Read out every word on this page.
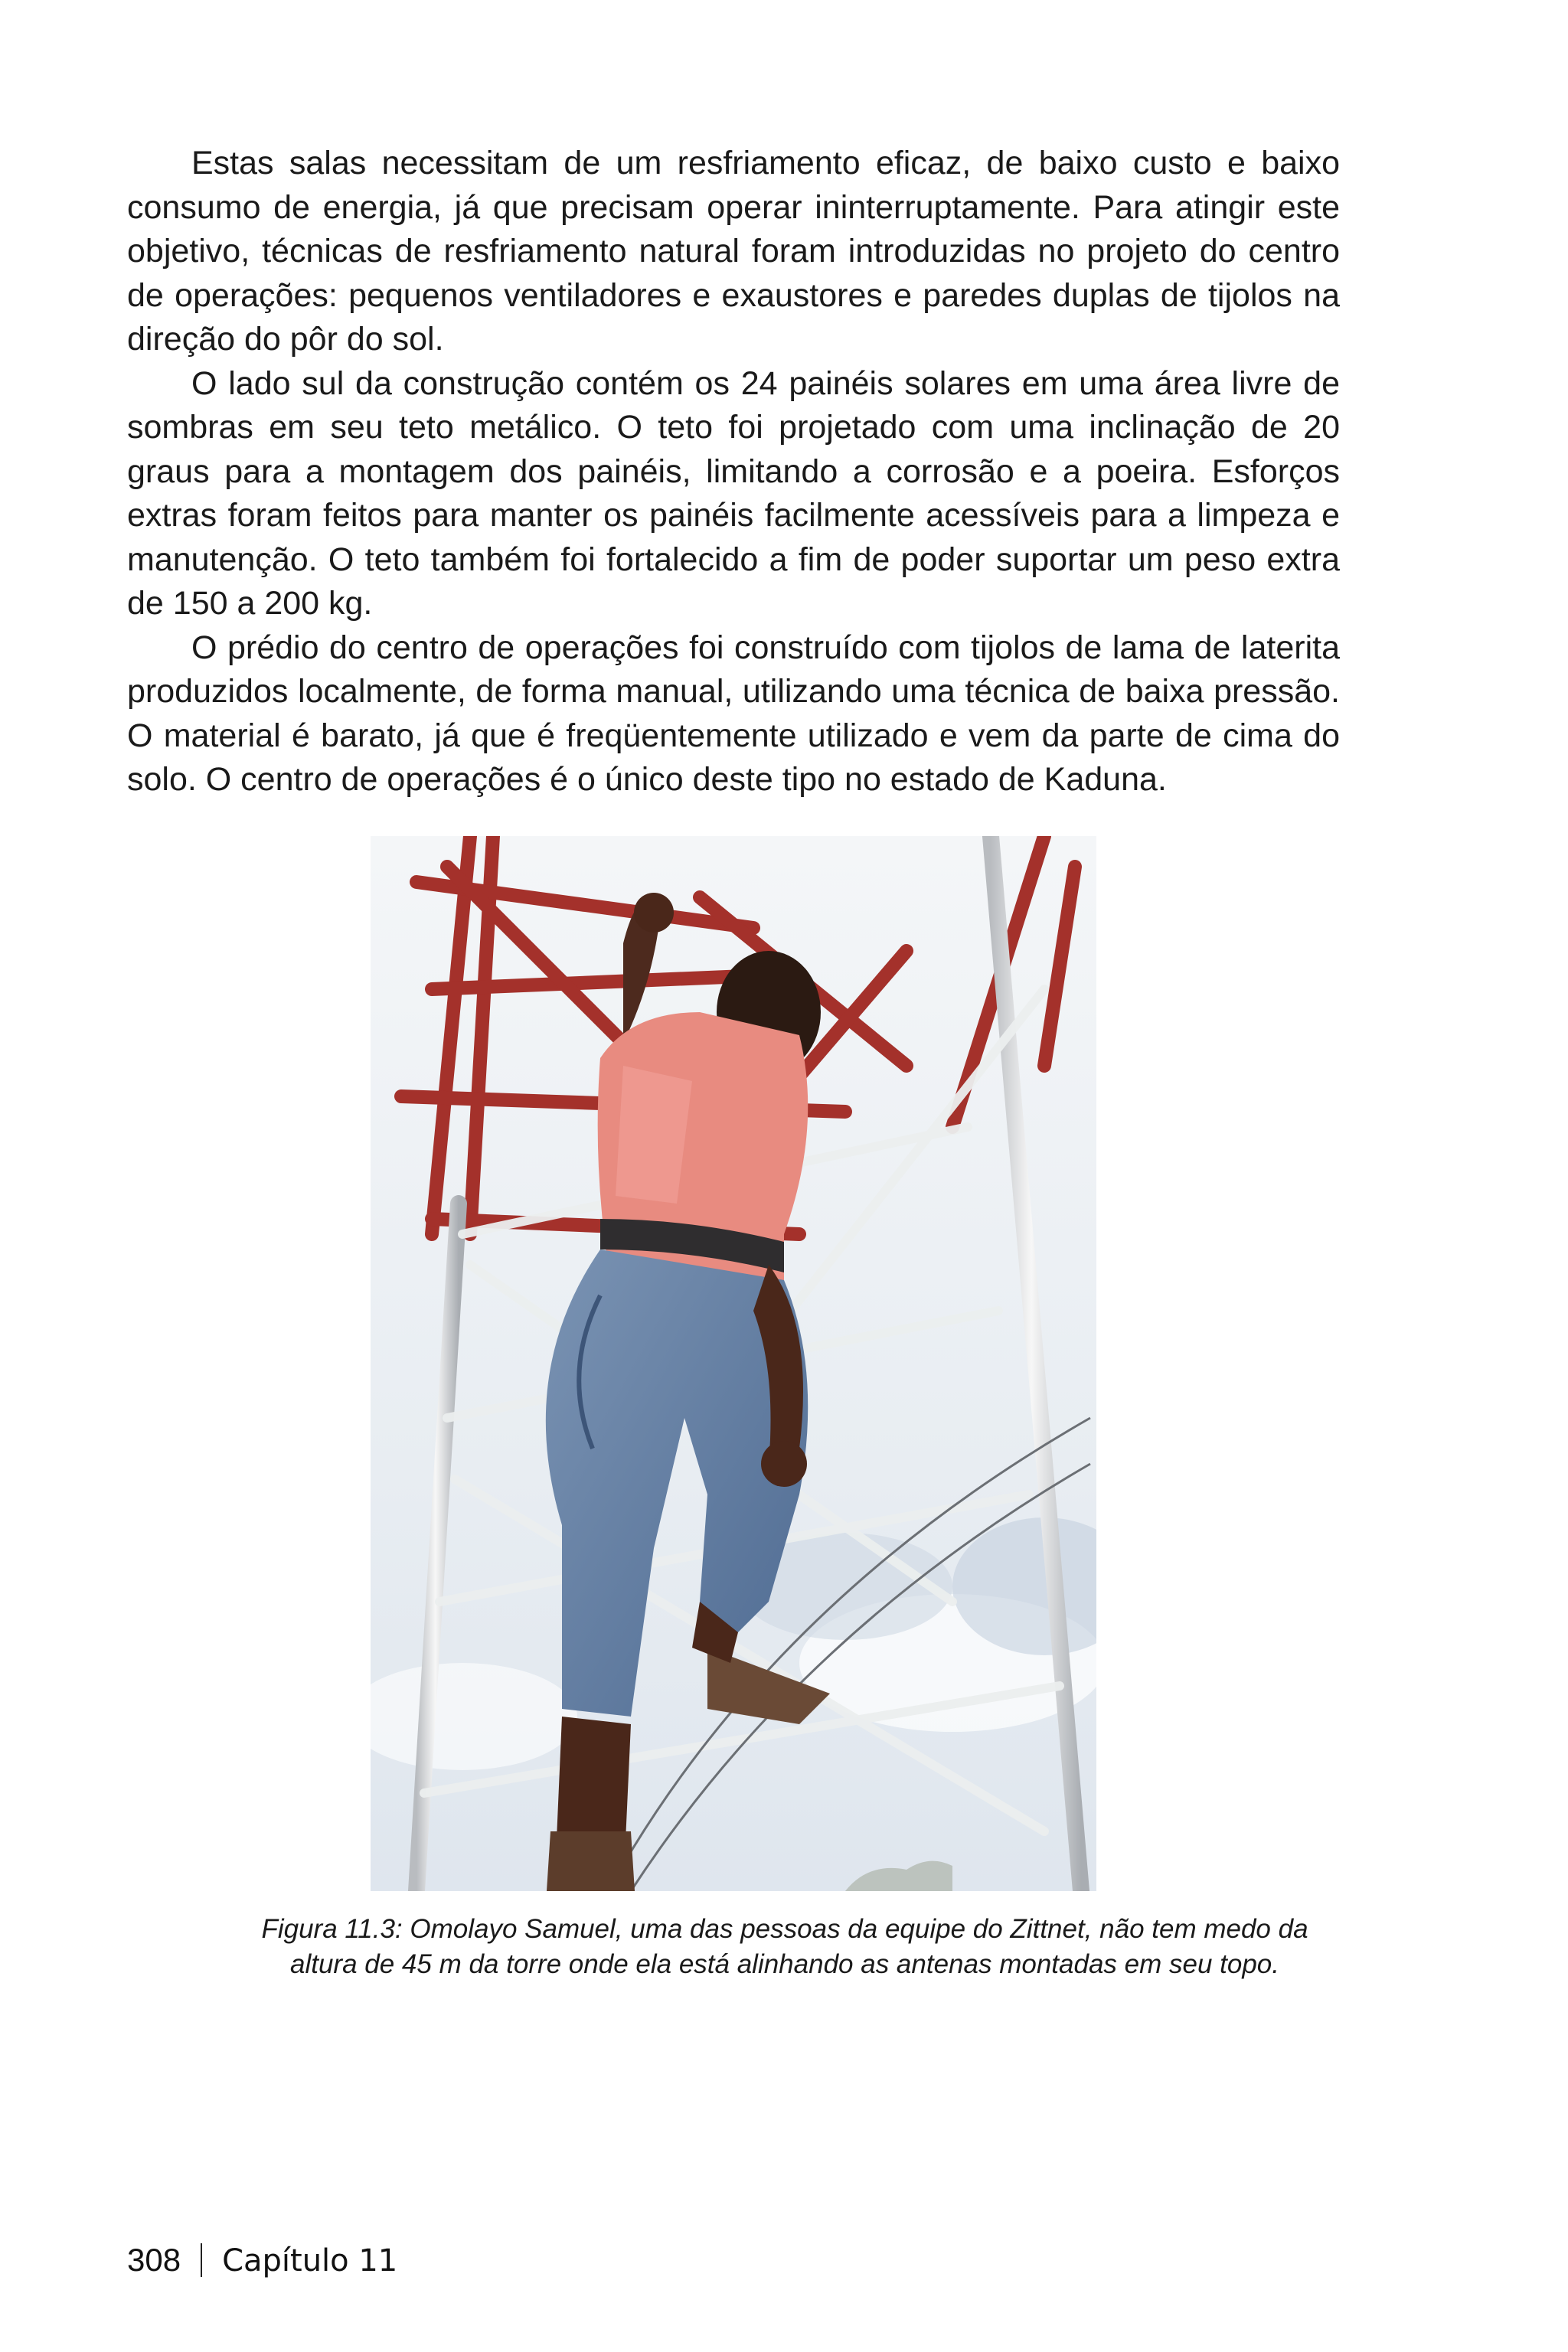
Estas salas necessitam de um resfriamento eficaz, de baixo custo e baixo consumo de energia, já que precisam operar ininterruptamente. Para atingir este objetivo, técnicas de resfriamento natural foram introduzidas no projeto do centro de operações: pequenos ventiladores e exaustores e paredes duplas de tijolos na direção do pôr do sol.

O lado sul da construção contém os 24 painéis solares em uma área livre de sombras em seu teto metálico. O teto foi projetado com uma inclinação de 20 graus para a montagem dos painéis, limitando a corrosão e a poeira. Esforços extras foram feitos para manter os painéis facilmente acessíveis para a limpeza e manutenção. O teto também foi fortalecido a fim de poder suportar um peso extra de 150 a 200 kg.

O prédio do centro de operações foi construído com tijolos de lama de laterita produzidos localmente, de forma manual, utilizando uma técnica de baixa pressão. O material é barato, já que é freqüentemente utilizado e vem da parte de cima do solo. O centro de operações é o único deste tipo no estado de Kaduna.

Figura 11.3: Omolayo Samuel, uma das pessoas da equipe do Zittnet, não tem medo da
altura de 45 m da torre onde ela está alinhando as antenas montadas em seu topo.
308 Capítulo 11
